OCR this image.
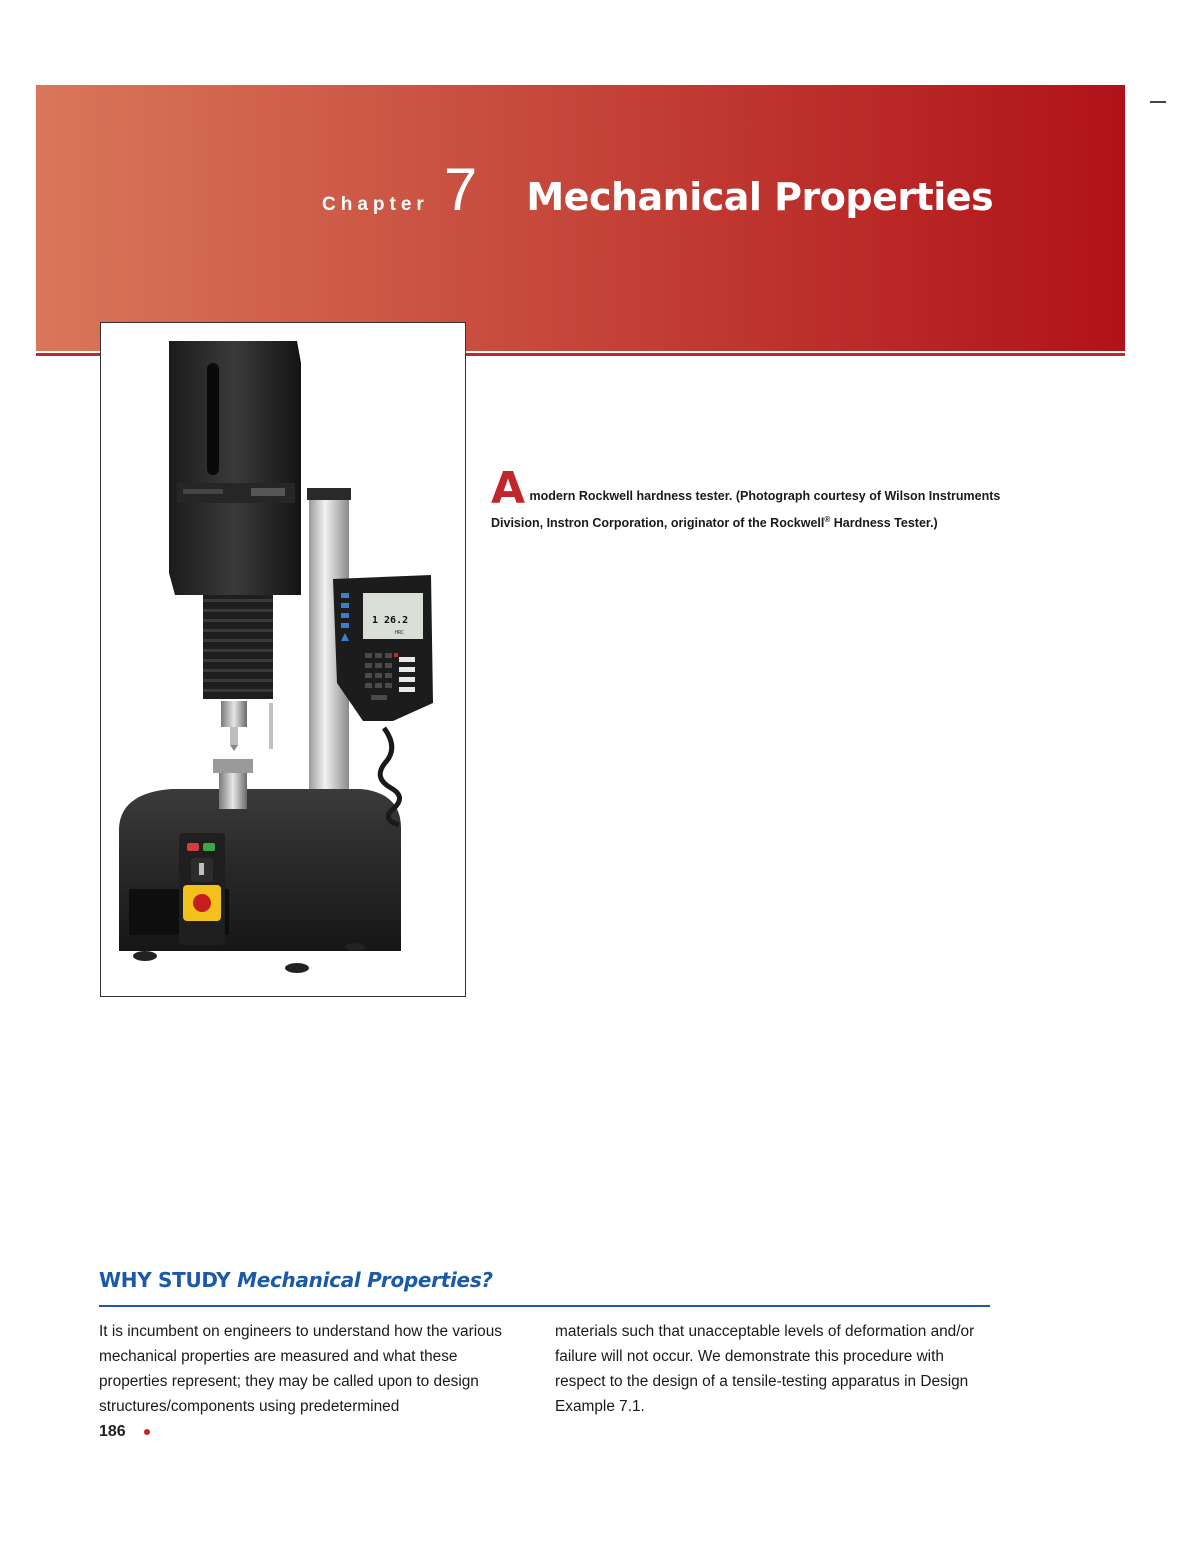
Chapter 7 Mechanical Properties
1 26.2
HRC
A modern Rockwell hardness tester. (Photograph courtesy of Wilson Instruments Division, Instron Corporation, originator of the Rockwell® Hardness Tester.)
WHY STUDY Mechanical Properties?
It is incumbent on engineers to understand how the various mechanical properties are measured and what these properties represent; they may be called upon to design structures/components using predetermined
materials such that unacceptable levels of deformation and/or failure will not occur. We demonstrate this procedure with respect to the design of a tensile-testing apparatus in Design Example 7.1.
186
